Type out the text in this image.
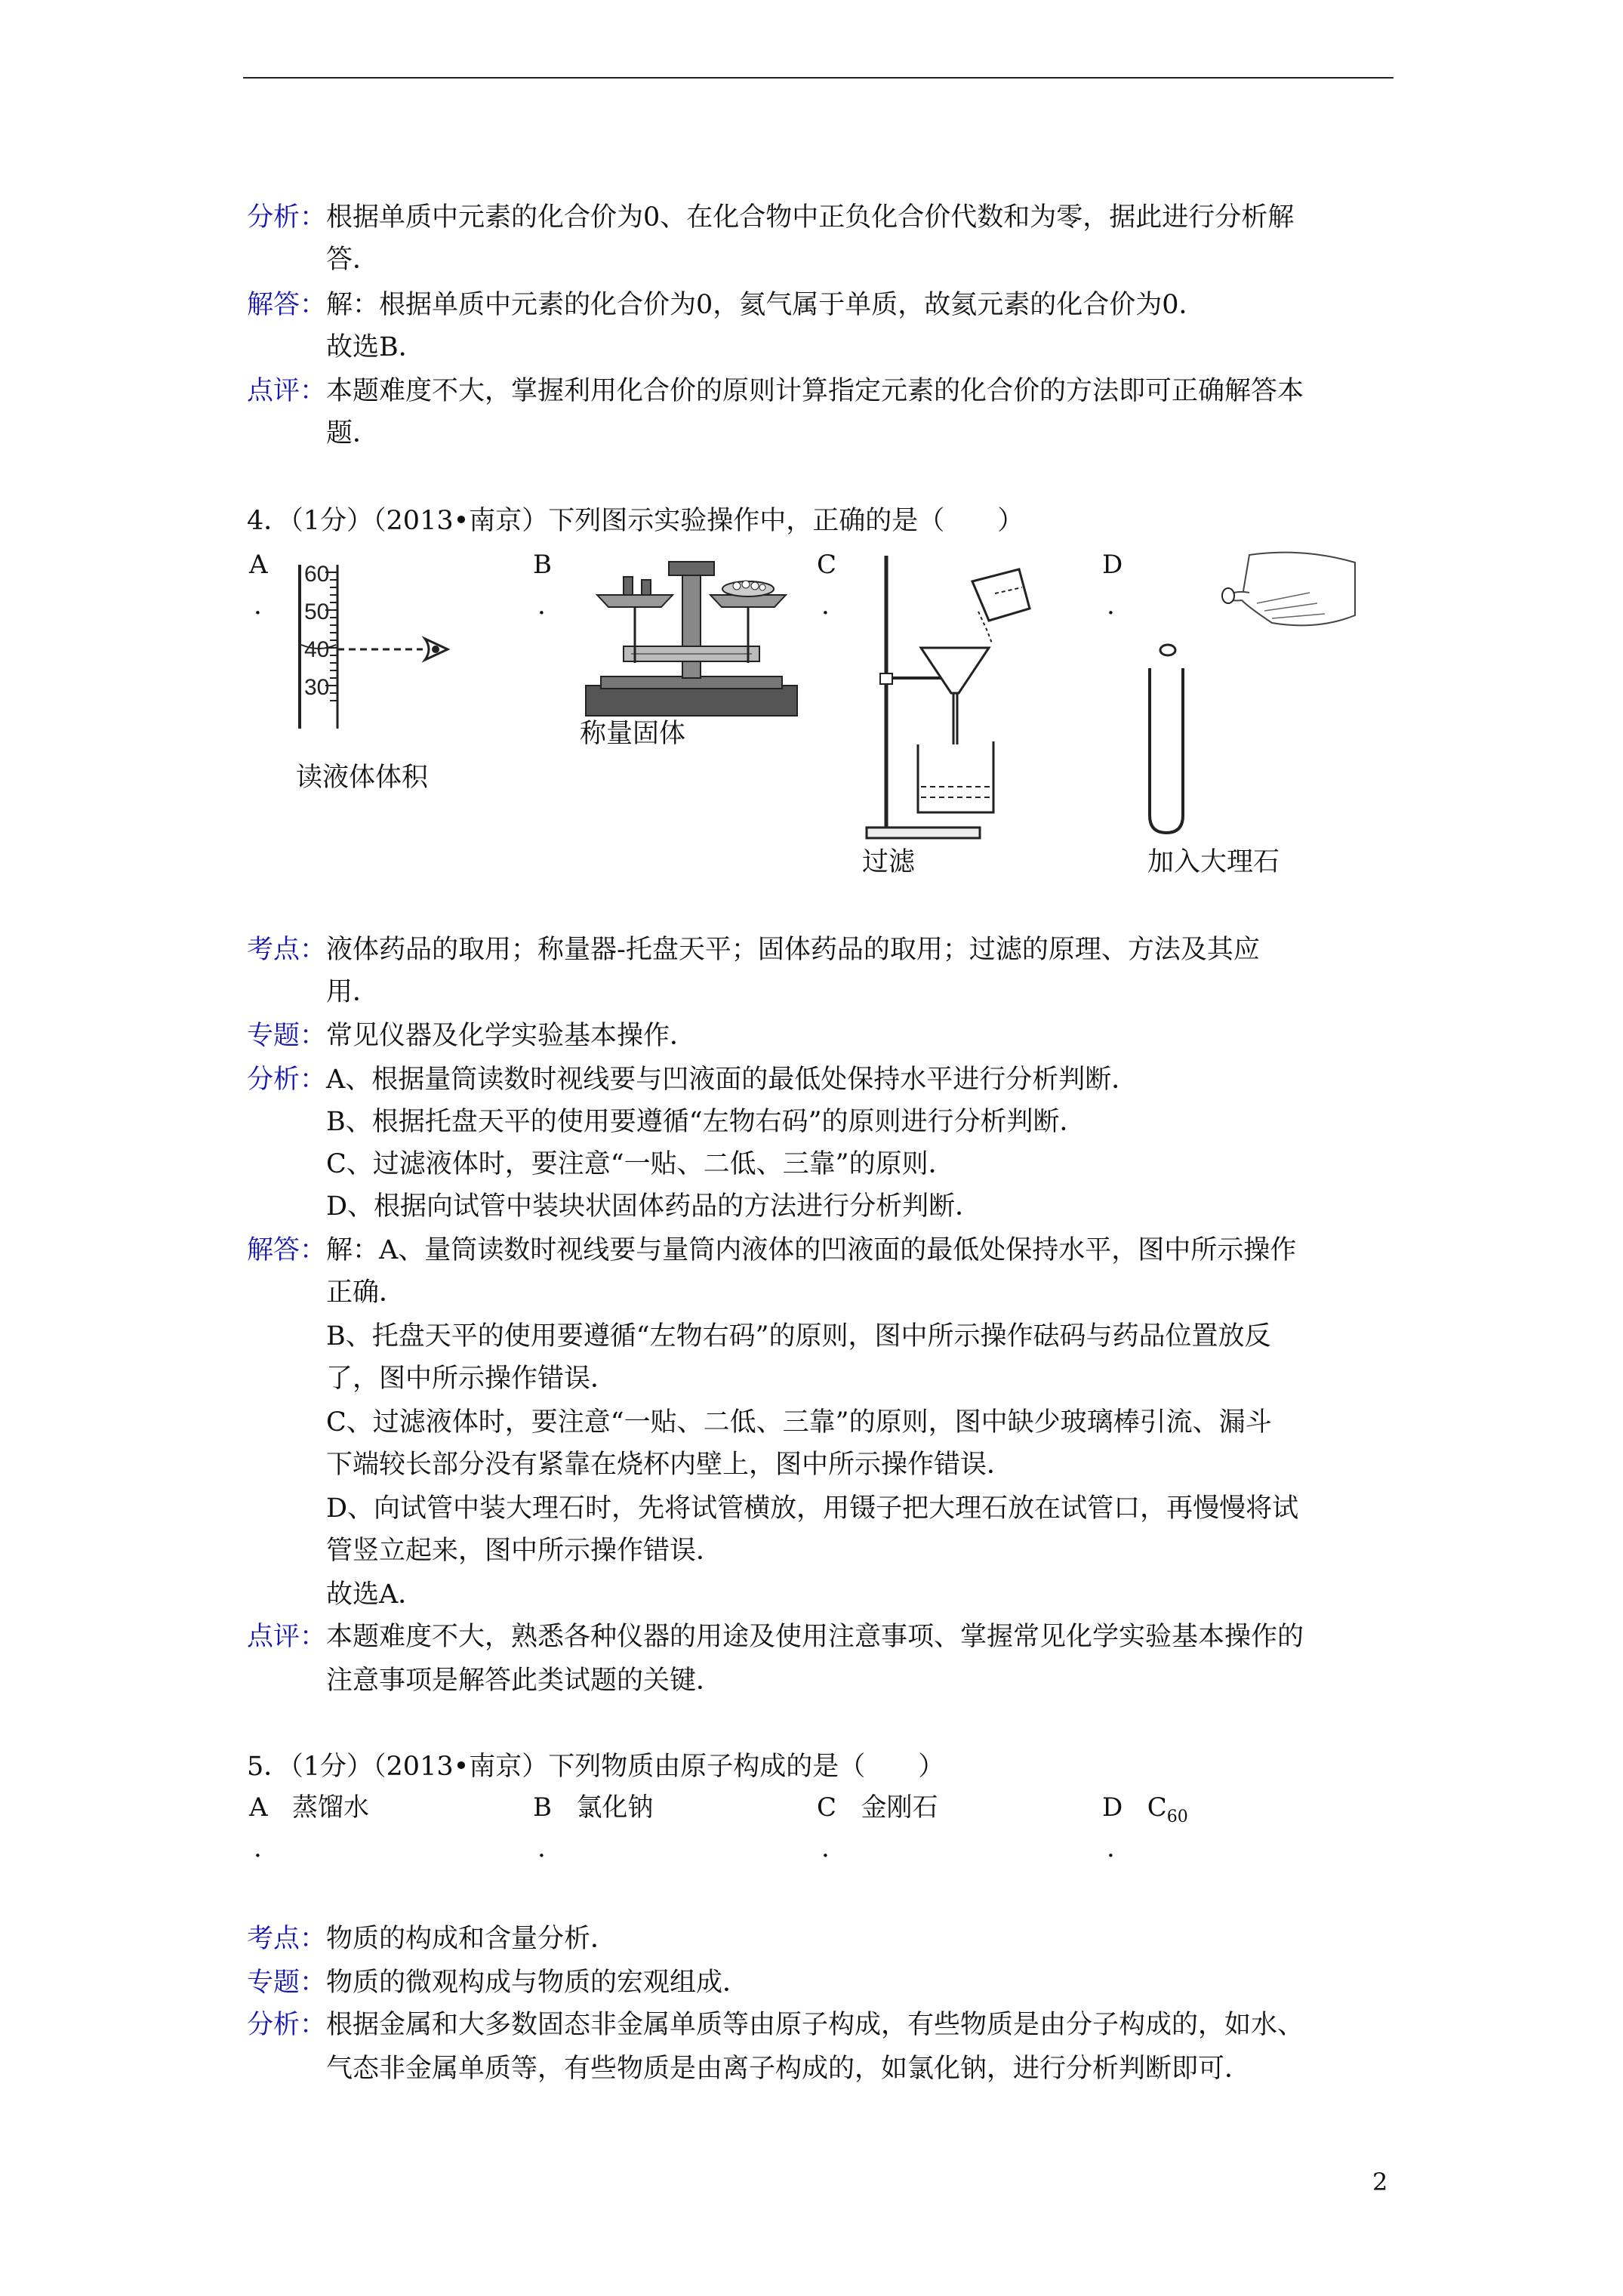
分析：根据单质中元素的化合价为0、在化合物中正负化合价代数和为零，据此进行分析解
答．
解答：解：根据单质中元素的化合价为0，氦气属于单质，故氦元素的化合价为0．
故选B．
点评：本题难度不大，掌握利用化合价的原则计算指定元素的化合价的方法即可正确解答本
题．
4．（1分）（2013•南京）下列图示实验操作中，正确的是（　　）
A
.
B
.
C
.
D
.
60
50
40
30
读液体体积
称量固体
过滤	加入大理石
考点：液体药品的取用；称量器-托盘天平；固体药品的取用；过滤的原理、方法及其应
用．
专题：常见仪器及化学实验基本操作．
分析：A、根据量筒读数时视线要与凹液面的最低处保持水平进行分析判断．
B、根据托盘天平的使用要遵循“左物右码”的原则进行分析判断．
C、过滤液体时，要注意“一贴、二低、三靠”的原则．
D、根据向试管中装块状固体药品的方法进行分析判断．
解答：解：A、量筒读数时视线要与量筒内液体的凹液面的最低处保持水平，图中所示操作
正确．
B、托盘天平的使用要遵循“左物右码”的原则，图中所示操作砝码与药品位置放反
了，图中所示操作错误．
C、过滤液体时，要注意“一贴、二低、三靠”的原则，图中缺少玻璃棒引流、漏斗
下端较长部分没有紧靠在烧杯内壁上，图中所示操作错误．
D、向试管中装大理石时，先将试管横放，用镊子把大理石放在试管口，再慢慢将试
管竖立起来，图中所示操作错误．
故选A．
点评：本题难度不大，熟悉各种仪器的用途及使用注意事项、掌握常见化学实验基本操作的
注意事项是解答此类试题的关键．
5．（1分）（2013•南京）下列物质由原子构成的是（　　）
A 蒸馏水
.
B 氯化钠
.
C 金刚石
.
D $C_{60}$
.
考点：物质的构成和含量分析．
专题：物质的微观构成与物质的宏观组成．
分析：根据金属和大多数固态非金属单质等由原子构成，有些物质是由分子构成的，如水、
气态非金属单质等，有些物质是由离子构成的，如氯化钠，进行分析判断即可．
2
